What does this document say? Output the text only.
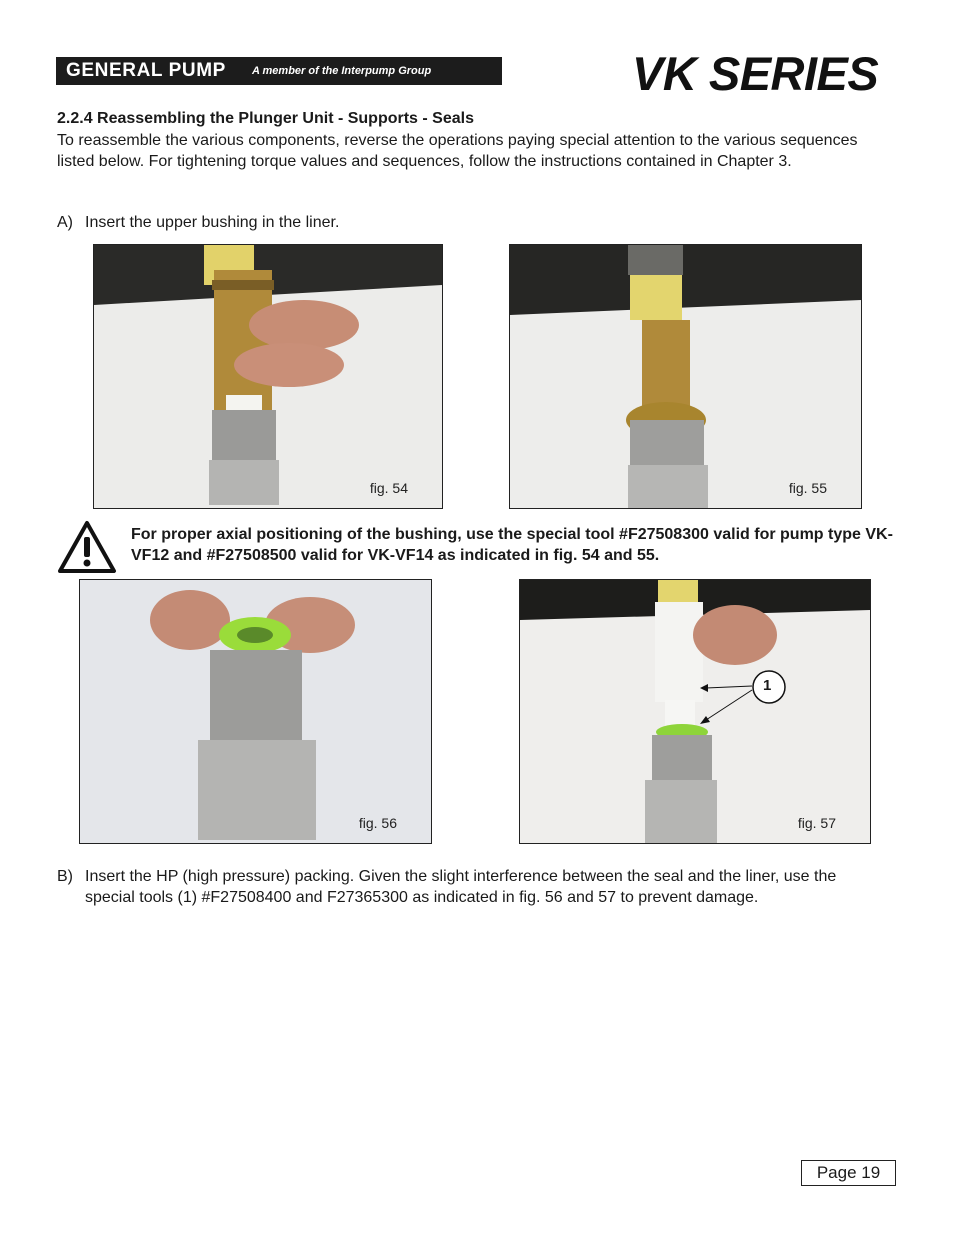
GENERAL PUMP A member of the Interpump Group	VK SERIES
2.2.4 Reassembling the Plunger Unit - Supports - Seals
To reassemble the various components, reverse the operations paying special attention to the various sequences listed below. For tightening torque values and sequences, follow the instructions contained in Chapter 3.
A) Insert the upper bushing in the liner.
fig. 54	fig. 55
For proper axial positioning of the bushing, use the special tool #F27508300 valid for pump type VK-VF12 and #F27508500 valid for VK-VF14 as indicated in fig. 54 and 55.
fig. 56
1
fig. 57
B) Insert the HP (high pressure) packing. Given the slight interference between the seal and the liner, use the special tools (1) #F27508400 and F27365300 as indicated in fig. 56 and 57 to prevent damage.
Page 19
